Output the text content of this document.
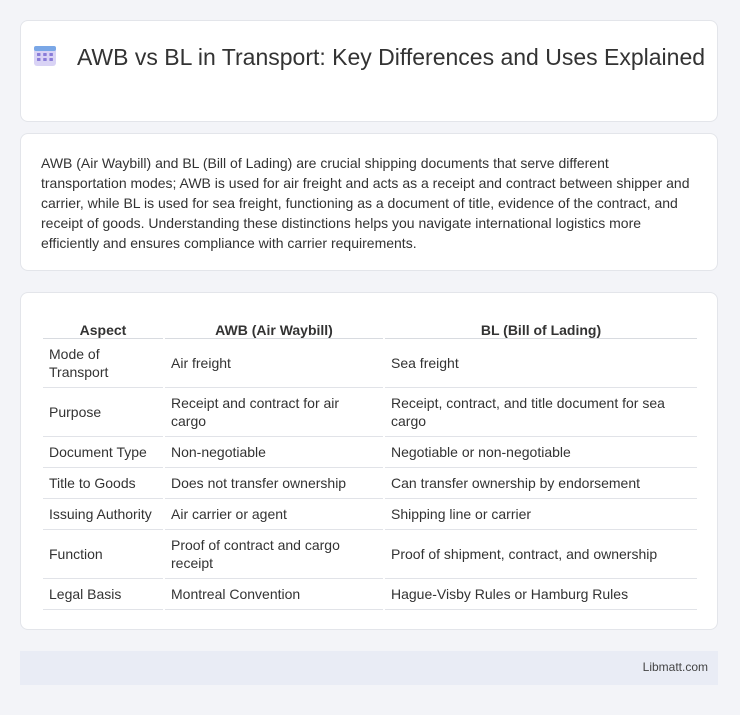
AWB vs BL in Transport: Key Differences and Uses Explained
AWB (Air Waybill) and BL (Bill of Lading) are crucial shipping documents that serve different transportation modes; AWB is used for air freight and acts as a receipt and contract between shipper and carrier, while BL is used for sea freight, functioning as a document of title, evidence of the contract, and receipt of goods. Understanding these distinctions helps you navigate international logistics more efficiently and ensures compliance with carrier requirements.
Aspect	AWB (Air Waybill)	BL (Bill of Lading)
Mode of Transport	Air freight	Sea freight
Purpose	Receipt and contract for air cargo	Receipt, contract, and title document for sea cargo
Document Type	Non-negotiable	Negotiable or non-negotiable
Title to Goods	Does not transfer ownership	Can transfer ownership by endorsement
Issuing Authority	Air carrier or agent	Shipping line or carrier
Function	Proof of contract and cargo receipt	Proof of shipment, contract, and ownership
Legal Basis	Montreal Convention	Hague-Visby Rules or Hamburg Rules
Libmatt.com
